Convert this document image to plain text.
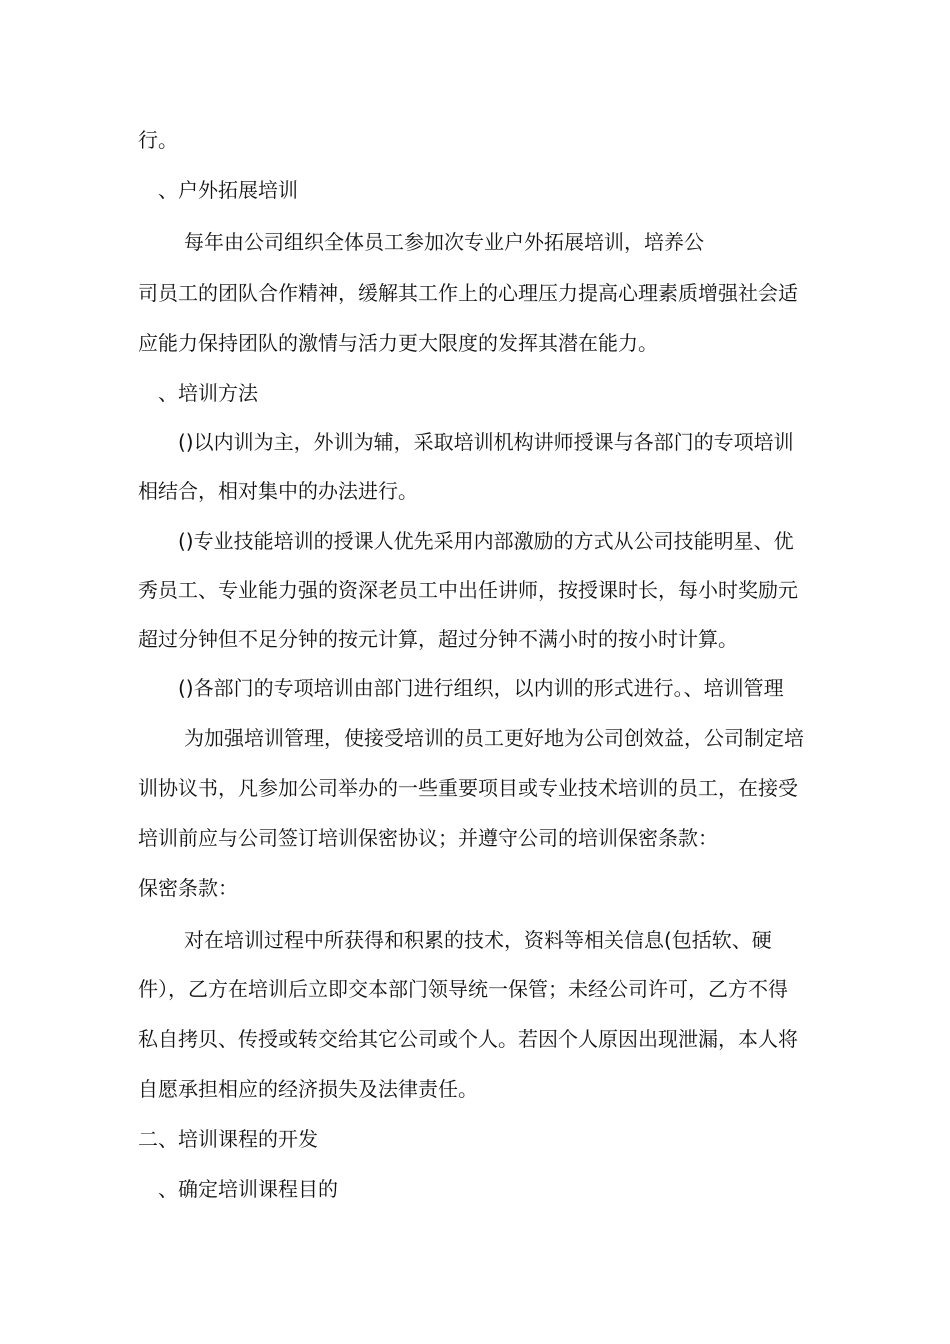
行。
、户外拓展培训
每年由公司组织全体员工参加次专业户外拓展培训，培养公
司员工的团队合作精神，缓解其工作上的心理压力提高心理素质增强社会适
应能力保持团队的激情与活力更大限度的发挥其潜在能力。
、培训方法
()以内训为主，外训为辅，采取培训机构讲师授课与各部门的专项培训
相结合，相对集中的办法进行。
()专业技能培训的授课人优先采用内部激励的方式从公司技能明星、优
秀员工、专业能力强的资深老员工中出任讲师，按授课时长，每小时奖励元
超过分钟但不足分钟的按元计算，超过分钟不满小时的按小时计算。
()各部门的专项培训由部门进行组织，以内训的形式进行。、培训管理
为加强培训管理，使接受培训的员工更好地为公司创效益，公司制定培
训协议书，凡参加公司举办的一些重要项目或专业技术培训的员工，在接受
培训前应与公司签订培训保密协议；并遵守公司的培训保密条款：
保密条款：
对在培训过程中所获得和积累的技术，资料等相关信息(包括软、硬
件），乙方在培训后立即交本部门领导统一保管；未经公司许可，乙方不得
私自拷贝、传授或转交给其它公司或个人。若因个人原因出现泄漏，本人将
自愿承担相应的经济损失及法律责任。
二、培训课程的开发
、确定培训课程目的
